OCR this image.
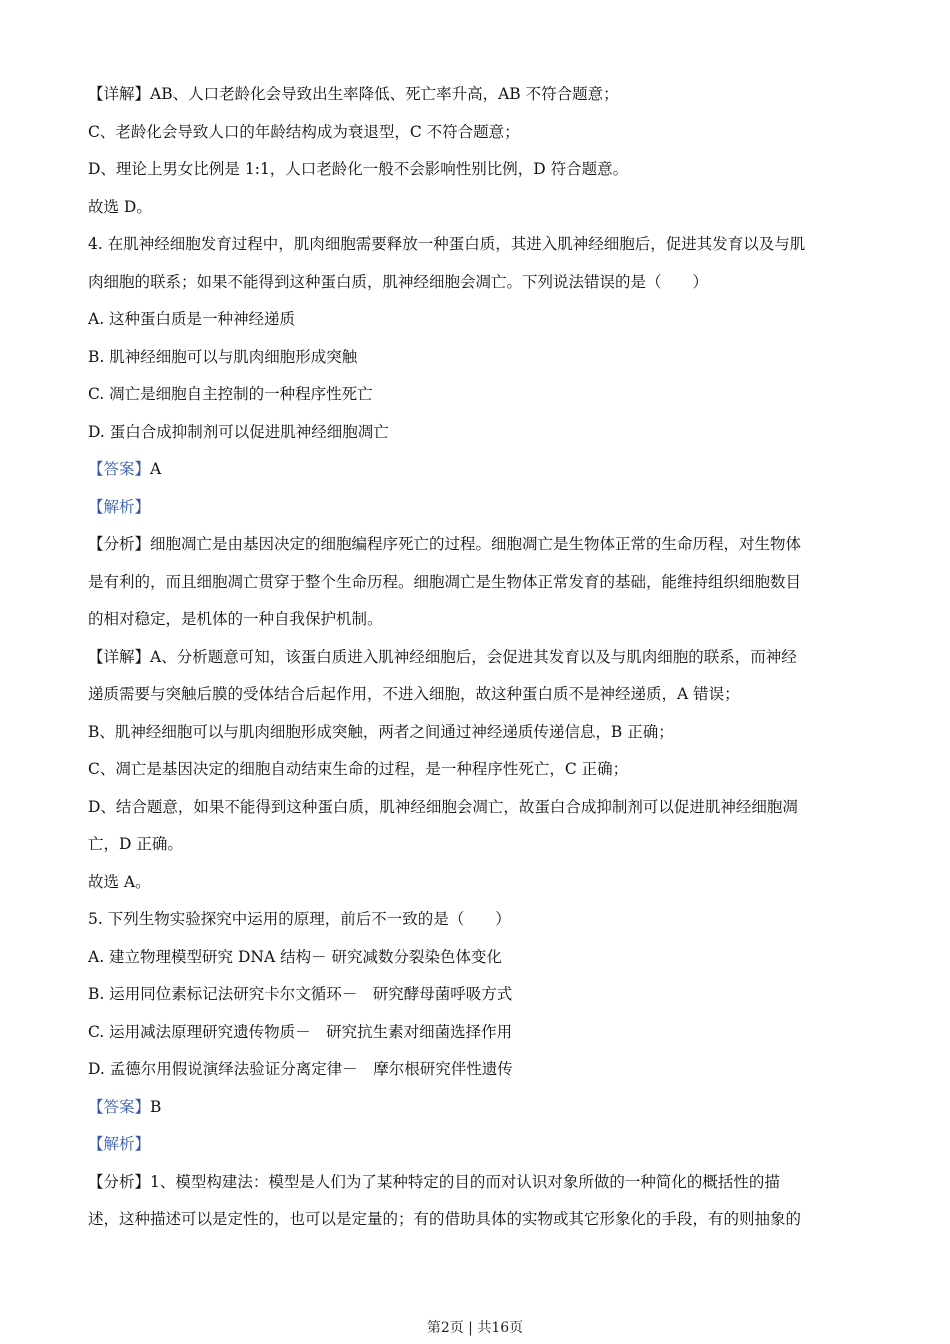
【详解】AB、人口老龄化会导致出生率降低、死亡率升高，AB 不符合题意；
C、老龄化会导致人口的年龄结构成为衰退型，C 不符合题意；
D、理论上男女比例是 1:1，人口老龄化一般不会影响性别比例，D 符合题意。
故选 D。
4. 在肌神经细胞发育过程中，肌肉细胞需要释放一种蛋白质，其进入肌神经细胞后，促进其发育以及与肌
肉细胞的联系；如果不能得到这种蛋白质，肌神经细胞会凋亡。下列说法错误的是（　　）
A. 这种蛋白质是一种神经递质
B. 肌神经细胞可以与肌肉细胞形成突触
C. 凋亡是细胞自主控制的一种程序性死亡
D. 蛋白合成抑制剂可以促进肌神经细胞凋亡
【答案】A
【解析】
【分析】细胞凋亡是由基因决定的细胞编程序死亡的过程。细胞凋亡是生物体正常的生命历程，对生物体
是有利的，而且细胞凋亡贯穿于整个生命历程。细胞凋亡是生物体正常发育的基础，能维持组织细胞数目
的相对稳定，是机体的一种自我保护机制。
【详解】A、分析题意可知，该蛋白质进入肌神经细胞后，会促进其发育以及与肌肉细胞的联系，而神经
递质需要与突触后膜的受体结合后起作用，不进入细胞，故这种蛋白质不是神经递质，A 错误；
B、肌神经细胞可以与肌肉细胞形成突触，两者之间通过神经递质传递信息，B 正确；
C、凋亡是基因决定的细胞自动结束生命的过程，是一种程序性死亡，C 正确；
D、结合题意，如果不能得到这种蛋白质，肌神经细胞会凋亡，故蛋白合成抑制剂可以促进肌神经细胞凋
亡，D 正确。
故选 A。
5. 下列生物实验探究中运用的原理，前后不一致的是（　　）
A. 建立物理模型研究 DNA 结构－ 研究减数分裂染色体变化
B. 运用同位素标记法研究卡尔文循环－　研究酵母菌呼吸方式
C. 运用减法原理研究遗传物质－　研究抗生素对细菌选择作用
D. 孟德尔用假说演绎法验证分离定律－　摩尔根研究伴性遗传
【答案】B
【解析】
【分析】1、模型构建法：模型是人们为了某种特定的目的而对认识对象所做的一种简化的概括性的描
述，这种描述可以是定性的，也可以是定量的；有的借助具体的实物或其它形象化的手段，有的则抽象的
第2页 | 共16页
